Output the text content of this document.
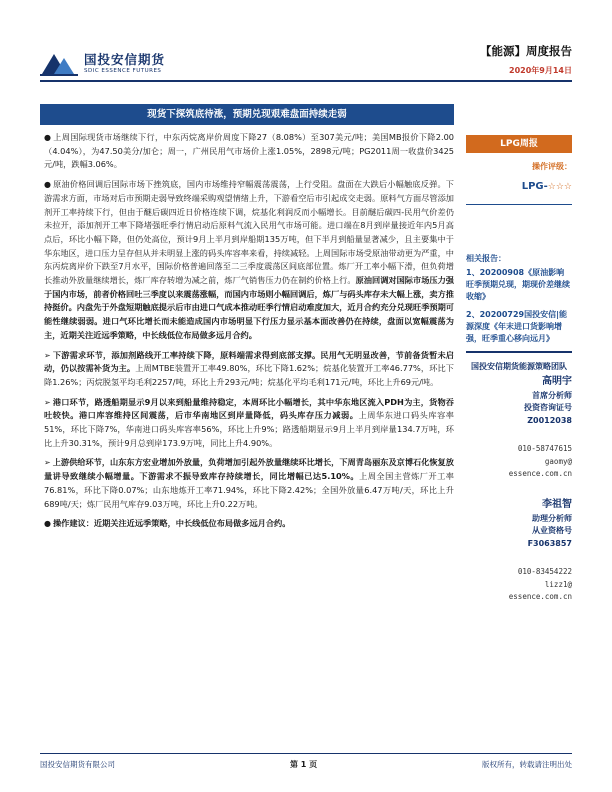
国投安信期货
SDIC ESSENCE FUTURES
【能源】周度报告
2020年9月14日
现货下探筑底待涨，预期兑现艰难盘面持续走弱

● 上周国际现货市场继续下行，中东丙烷离岸价周度下降27（8.08%）至307美元/吨；美国MB报价下降2.00（4.04%），为47.50美分/加仑；周一，广州民用气市场价上涨1.05%，2898元/吨；PG2011周一收盘价3425元/吨，跌幅3.06%。

● 原油价格回调后国际市场下挫筑底，国内市场维持窄幅震荡震荡，上行受阻。盘面在大跌后小幅触底反弹。下游需求方面，市场对后市预期走弱导致终端采购观望情绪上升，下游看空后市引起成交走弱。原料气方面尽管添加剂开工率持续下行，但由于醚后碳四近日价格连续下调，烷基化利润反而小幅增长。目前醚后碳四-民用气价差仍未拉开，添加剂开工率下降堵强旺季行情启动后原料气流入民用气市场可能。进口端在8月到岸量接近年内5月高点后，环比小幅下降，但仍处高位，预计9月上半月到岸船期135万吨，但下半月到船量显著减少，且主要集中于华东地区，进口压力呈存但从并未明显上涨的码头库容率来看，持续减轻。上周国际市场受原油带动更为严重，中东丙烷离岸价下跌至7月水平，国际价格普遍回落至二三季度震荡区间底部位置。炼厂开工率小幅下滑，但负荷增长推动外放量继续增长，炼厂库存转增为减之前，炼厂气销售压力仍在制约价格上行。原油回调对国际市场压力强于国内市场，前者价格回吐三季度以来震荡涨幅，而国内市场则小幅回调后，炼厂与码头库存未大幅上涨，卖方推持挺价。内盘先于外盘短期触底提示后市由进口气成本推动旺季行情启动难度加大，近月合约充分兑现旺季预期可能性继续弱弱。进口气环比增长而未能造成国内市场明显下行压力显示基本面改善仍在持续，盘面以宽幅震荡为主，近期关注近远季策略，中长线低位布局做多远月合约。

➢ 下游需求环节，添加剂路线开工率持续下降，原料端需求得到底部支撑。民用气无明显改善，节前备货暂未启动，仍以按需补货为主。上周MTBE装置开工率49.80%，环比下降1.62%；烷基化装置开工率46.77%，环比下降1.26%；丙烷脱氢平均毛利2257/吨，环比上升293元/吨；烷基化平均毛利171元/吨，环比上升69元/吨。

➢ 港口环节，路透船期显示9月以来到船量维持稳定，本周环比小幅增长，其中华东地区流入PDH为主，货物吞吐较快。港口库容维持区间震荡，后市华南地区到岸量降低，码头库存压力减弱。上周华东进口码头库容率51%，环比下降7%，华南进口码头库容率56%，环比上升9%；路透船期显示9月上半月到岸量134.7万吨，环比上升30.31%，预计9月总到岸173.9万吨，同比上升4.90%。

➢ 上游供给环节，山东东方宏业增加外放量，负荷增加引起外放量继续环比增长，下周青岛丽东及京博石化恢复放量讲导致继续小幅增量。下游需求不振导致库存持续增长，同比增幅已达5.10%。上周全国主营炼厂开工率76.81%，环比下降0.07%；山东地炼开工率71.94%，环比下降2.42%；全国外放量6.47万吨/天，环比上升689吨/天；炼厂民用气库存9.03万吨，环比上升0.22万吨。

● 操作建议：近期关注近远季策略，中长线低位布局做多远月合约。

LPG周报
操作评级：
LPG-☆☆☆
相关报告：
1、20200908《原油影响旺季预期兑现，期现价差继续收缩》
2、20200729国投安信|能源深度《年末进口货影响增强，旺季重心移向远月》
国投安信期货能源策略团队
高明宇
首席分析师
投资咨询证号
Z0012038
010-58747615
gaomy@
essence.com.cn
李祖智
助理分析师
从业资格号
F3063857
010-83454222
lizz1@
essence.com.cn
国投安信期货有限公司	第 1 页	版权所有，转载请注明出处
